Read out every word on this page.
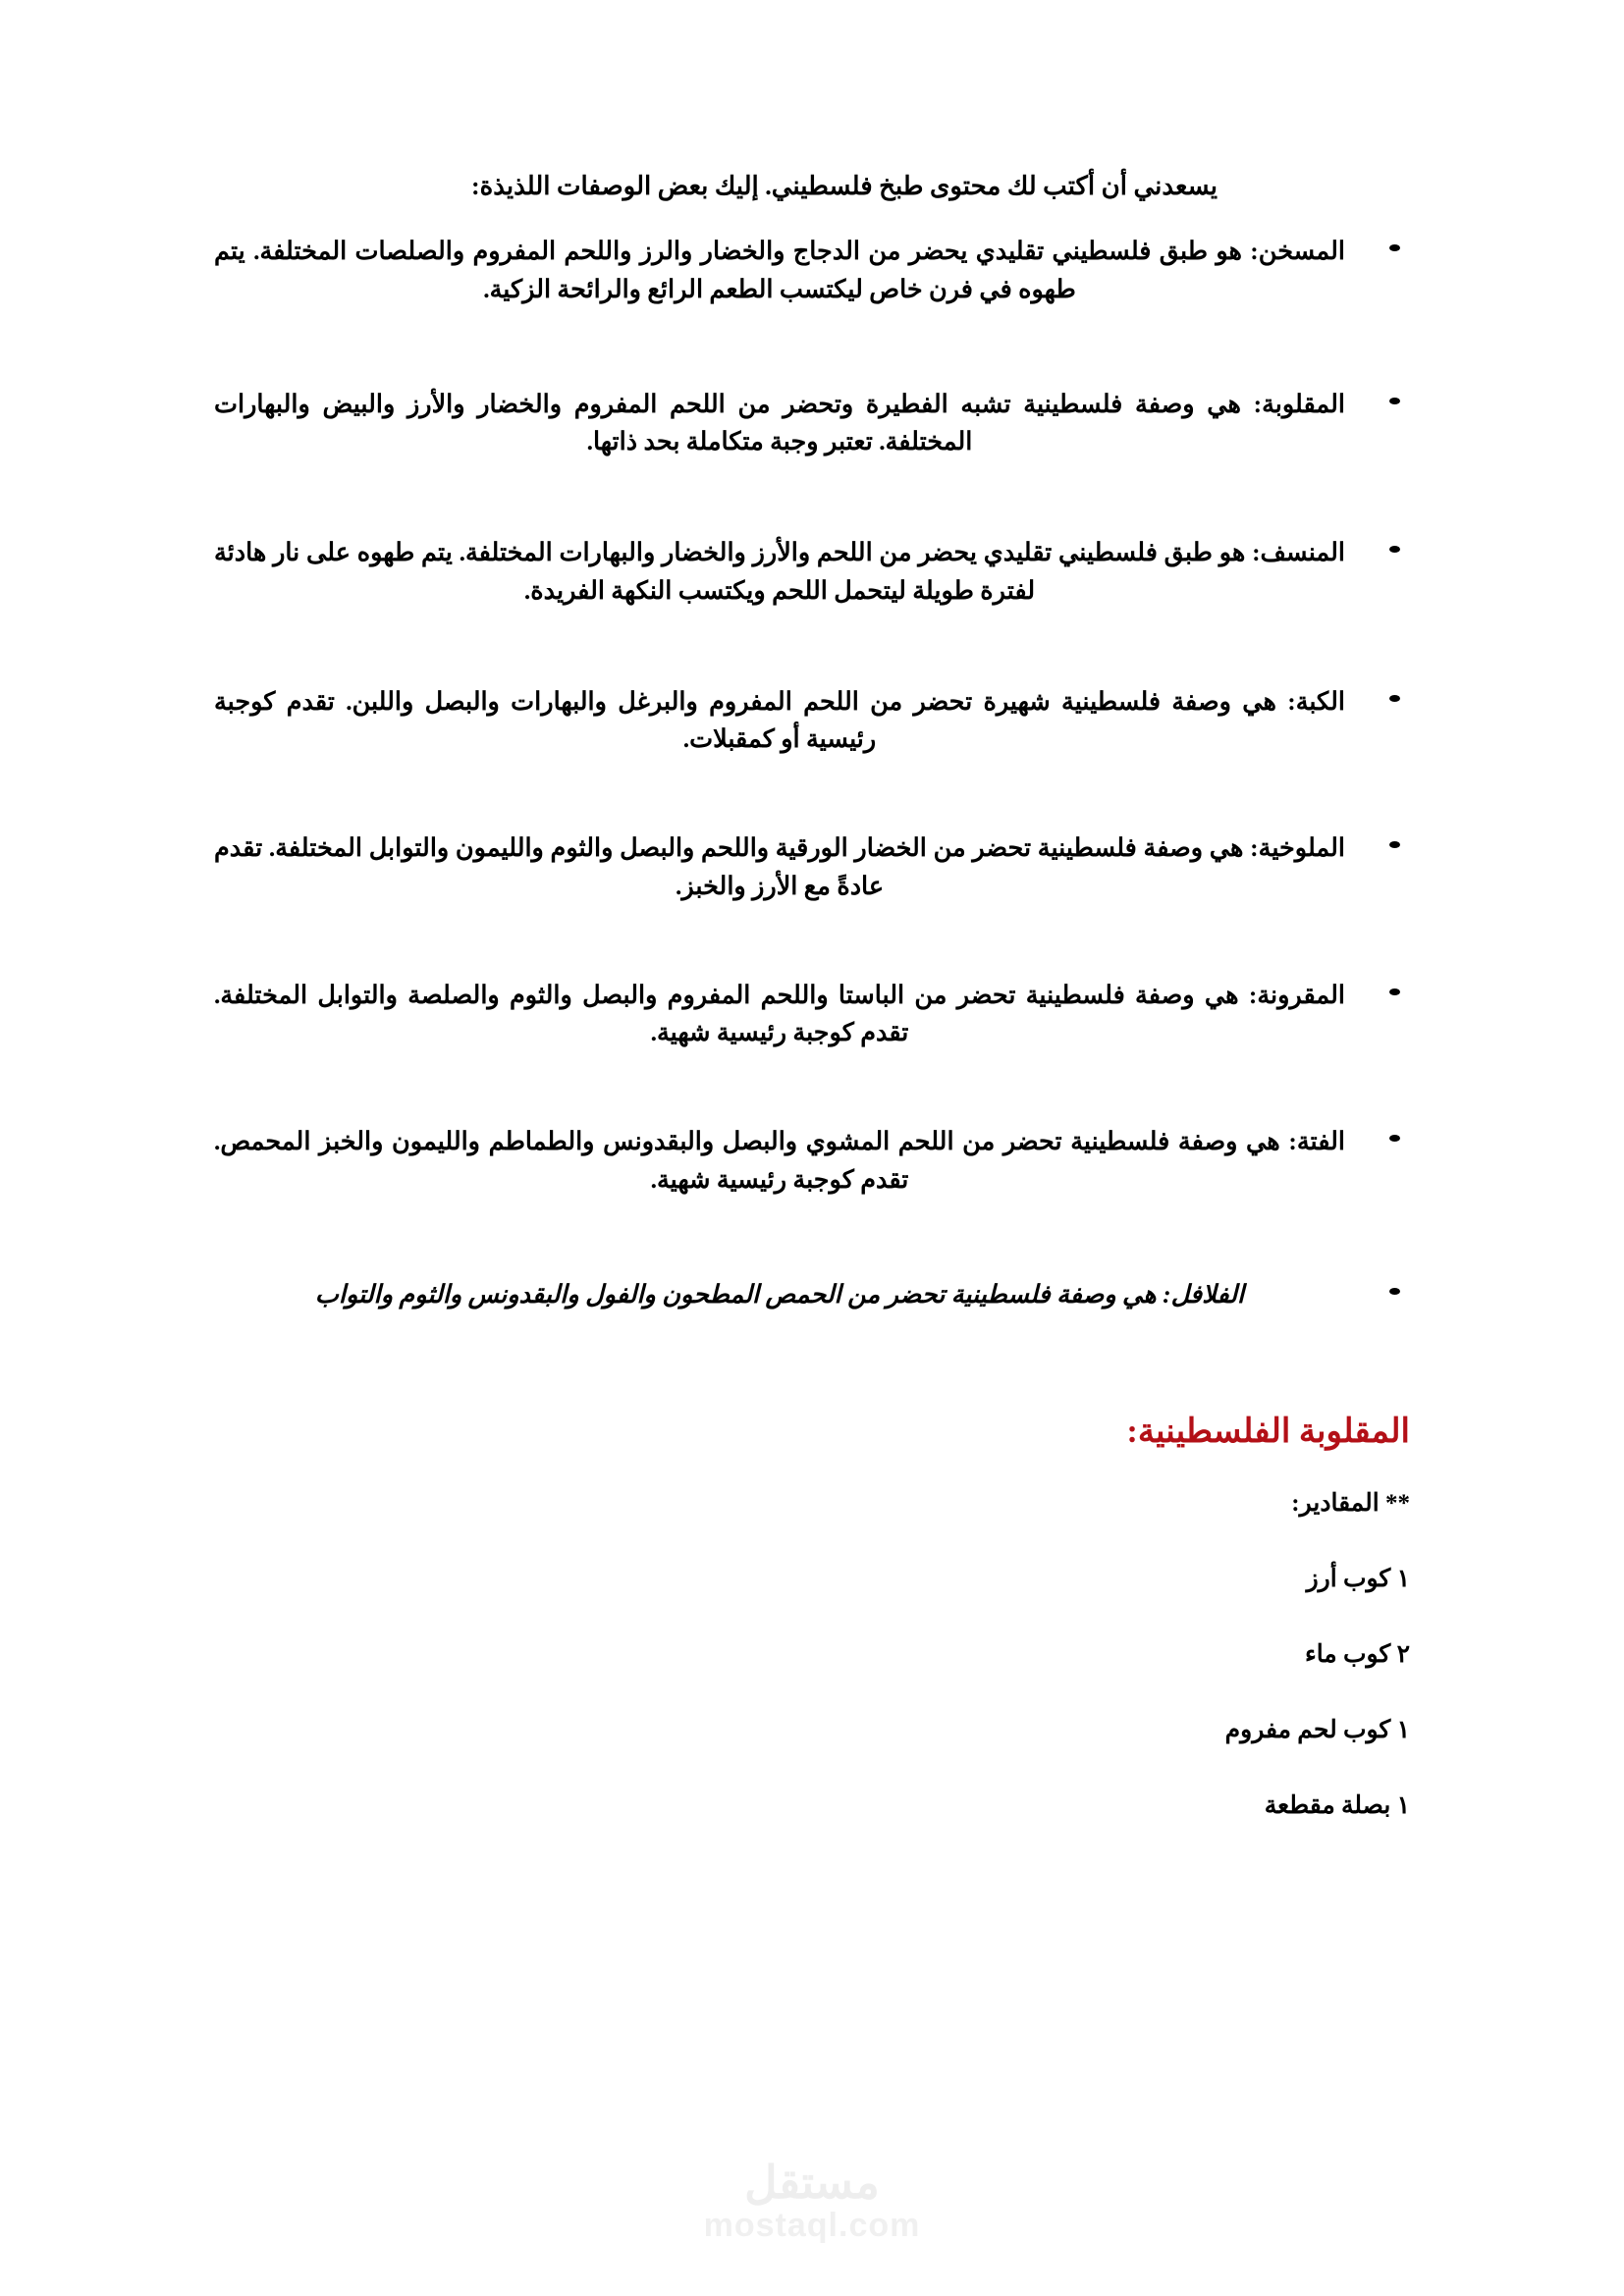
يسعدني أن أكتب لك محتوى طبخ فلسطيني. إليك بعض الوصفات اللذيذة:

المسخن: هو طبق فلسطيني تقليدي يحضر من الدجاج والخضار والرز واللحم المفروم والصلصات المختلفة. يتم طهوه في فرن خاص ليكتسب الطعم الرائع والرائحة الزكية.
المقلوبة: هي وصفة فلسطينية تشبه الفطيرة وتحضر من اللحم المفروم والخضار والأرز والبيض والبهارات المختلفة. تعتبر وجبة متكاملة بحد ذاتها.
المنسف: هو طبق فلسطيني تقليدي يحضر من اللحم والأرز والخضار والبهارات المختلفة. يتم طهوه على نار هادئة لفترة طويلة ليتحمل اللحم ويكتسب النكهة الفريدة.
الكبة: هي وصفة فلسطينية شهيرة تحضر من اللحم المفروم والبرغل والبهارات والبصل واللبن. تقدم كوجبة رئيسية أو كمقبلات.
الملوخية: هي وصفة فلسطينية تحضر من الخضار الورقية واللحم والبصل والثوم والليمون والتوابل المختلفة. تقدم عادةً مع الأرز والخبز.
المقرونة: هي وصفة فلسطينية تحضر من الباستا واللحم المفروم والبصل والثوم والصلصة والتوابل المختلفة. تقدم كوجبة رئيسية شهية.
الفتة: هي وصفة فلسطينية تحضر من اللحم المشوي والبصل والبقدونس والطماطم والليمون والخبز المحمص. تقدم كوجبة رئيسية شهية.
الفلافل: هي وصفة فلسطينية تحضر من الحمص المطحون والفول والبقدونس والثوم والتواب
المقلوبة الفلسطينية:
** المقادير:
١ كوب أرز
٢ كوب ماء
١ كوب لحم مفروم
١ بصلة مقطعة
مستقل
mostaql.com
